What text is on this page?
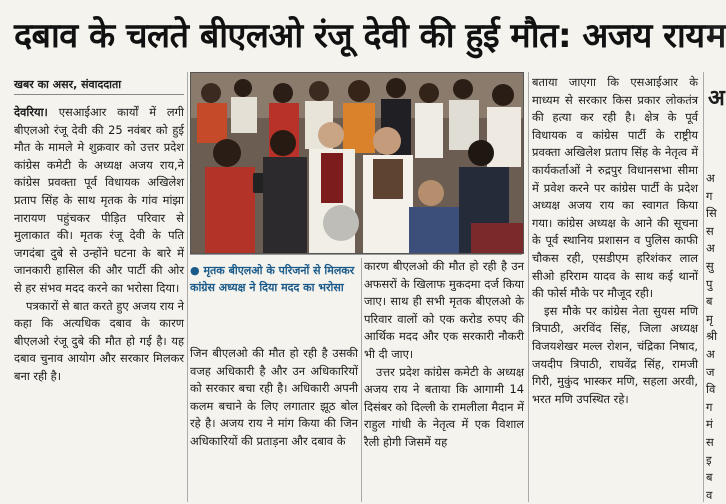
दबाव के चलते बीएलओ रंजू देवी की हुई मौत: अजय राय
खबर का असर, संवाददाता

देवरिया। एसआईआर कार्यों में लगी बीएलओ रंजू देवी की 25 नवंबर को हुई मौत के मामले मे शुक्रवार को उत्तर प्रदेश कांग्रेस कमेटी के अध्यक्ष अजय राय,ने कांग्रेस प्रवक्ता पूर्व विधायक अखिलेश प्रताप सिंह के साथ मृतक के गांव मांझा नारायण पहुंचकर पीड़ित परिवार से मुलाकात की। मृतक रंजू देवी के पति जगदंबा दुबे से उन्होंने घटना के बारे में जानकारी हासिल की और पार्टी की ओर से हर संभव मदद करने का भरोसा दिया।

पत्रकारों से बात करते हुए अजय राय ने कहा कि अत्यधिक दबाव के कारण बीएलओ रंजू दुबे की मौत हो गई है। यह दबाव चुनाव आयोग और सरकार मिलकर बना रही है।

● मृतक बीएलओ के परिजनों से मिलकर कांग्रेस अध्यक्ष ने दिया मदद का भरोसा

जिन बीएलओ की मौत हो रही है उसकी वजह अधिकारी है और उन अधिकारियों को सरकार बचा रही है। अधिकारी अपनी कलम बचाने के लिए लगातार झूठ बोल रहे है। अजय राय ने मांग किया की जिन अधिकारियों की प्रताड़ना और दबाव के

कारण बीएलओ की मौत हो रही है उन अफसरों के खिलाफ मुकदमा दर्ज किया जाए। साथ ही सभी मृतक बीएलओ के परिवार वालों को एक करोड रुपए की आर्थिक मदद और एक सरकारी नौकरी भी दी जाए।

उत्तर प्रदेश कांग्रेस कमेटी के अध्यक्ष अजय राय ने बताया कि आगामी 14 दिसंबर को दिल्ली के रामलीला मैदान में राहुल गांधी के नेतृत्व में एक विशाल रैली होगी जिसमें यह

बताया जाएगा कि एसआईआर के माध्यम से सरकार किस प्रकार लोकतंत्र की हत्या कर रही है। क्षेत्र के पूर्व विधायक व कांग्रेस पार्टी के राष्ट्रीय प्रवक्ता अखिलेश प्रताप सिंह के नेतृत्व में कार्यकर्ताओं ने रुद्रपुर विधानसभा सीमा में प्रवेश करने पर कांग्रेस पार्टी के प्रदेश अध्यक्ष अजय राय का स्वागत किया गया। कांग्रेस अध्यक्ष के आने की सूचना के पूर्व स्थानिय प्रशासन व पुलिस काफी चौकस रही, एसडीएम हरिशंकर लाल सीओ हरिराम यादव के साथ कई थानों की फोर्स मौके पर मौजूद रही।

इस मौके पर कांग्रेस नेता सुयस मणि त्रिपाठी, अरविंद सिंह, जिला अध्यक्ष विजयशेखर मल्ल रोशन, चंद्रिका निषाद, जयदीप त्रिपाठी, राघवेंद्र सिंह, रामजी गिरी, मुकुंद भास्कर मणि, सहला अरवी, भरत मणि उपस्थित रहे।

म
अ
अ
ग
सि
स
अ
सु
पु
ब
मृ
श्री
अ
ज
वि
ग
मं
स
इ
ब
व
